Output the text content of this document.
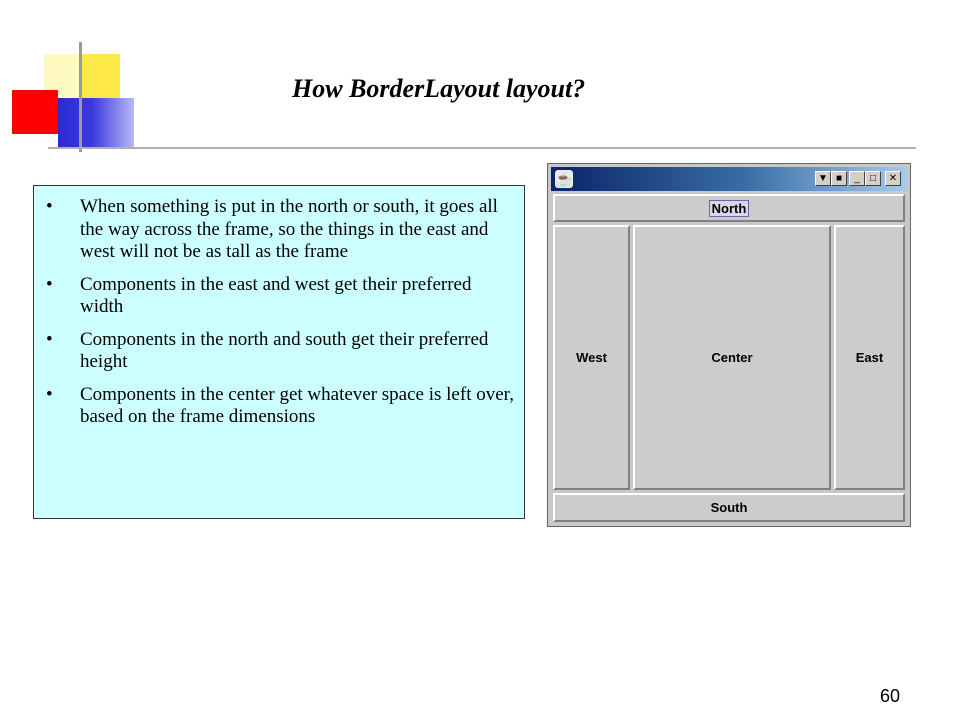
How BorderLayout layout?
•	When something is put in the north or south, it goes all the way across the frame, so the things in the east and west will not be as tall as the frame
•	Components in the east and west get their preferred width
•	Components in the north and south get their preferred height
•	Components in the center get whatever space is left over, based on the frame dimensions
☕	▼ ■	_	□	✕
North
West	Center	East
South
60
